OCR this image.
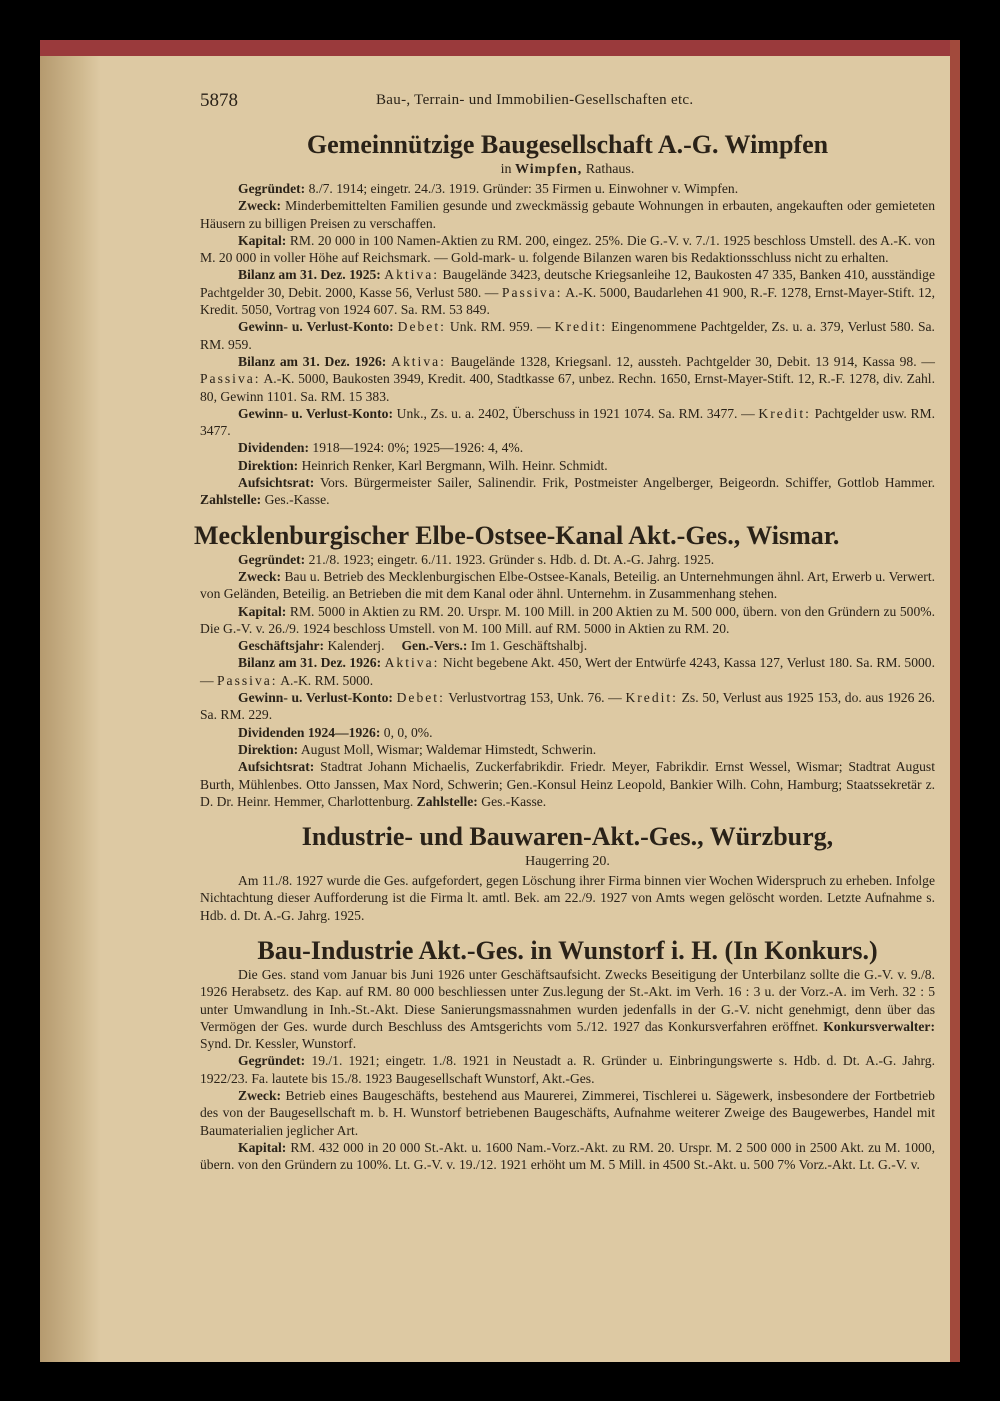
5878	Bau-, Terrain- und Immobilien-Gesellschaften etc.
Gemeinnützige Baugesellschaft A.-G. Wimpfen
in Wimpfen, Rathaus.

Gegründet: 8./7. 1914; eingetr. 24./3. 1919. Gründer: 35 Firmen u. Einwohner v. Wimpfen.

Zweck: Minderbemittelten Familien gesunde und zweckmässig gebaute Wohnungen in erbauten, angekauften oder gemieteten Häusern zu billigen Preisen zu verschaffen.

Kapital: RM. 20 000 in 100 Namen-Aktien zu RM. 200, eingez. 25%. Die G.-V. v. 7./1. 1925 beschloss Umstell. des A.-K. von M. 20 000 in voller Höhe auf Reichsmark. — Gold-mark- u. folgende Bilanzen waren bis Redaktionsschluss nicht zu erhalten.

Bilanz am 31. Dez. 1925: Aktiva: Baugelände 3423, deutsche Kriegsanleihe 12, Baukosten 47 335, Banken 410, ausständige Pachtgelder 30, Debit. 2000, Kasse 56, Verlust 580. — Passiva: A.-K. 5000, Baudarlehen 41 900, R.-F. 1278, Ernst-Mayer-Stift. 12, Kredit. 5050, Vortrag von 1924 607. Sa. RM. 53 849.

Gewinn- u. Verlust-Konto: Debet: Unk. RM. 959. — Kredit: Eingenommene Pachtgelder, Zs. u. a. 379, Verlust 580. Sa. RM. 959.

Bilanz am 31. Dez. 1926: Aktiva: Baugelände 1328, Kriegsanl. 12, aussteh. Pachtgelder 30, Debit. 13 914, Kassa 98. — Passiva: A.-K. 5000, Baukosten 3949, Kredit. 400, Stadtkasse 67, unbez. Rechn. 1650, Ernst-Mayer-Stift. 12, R.-F. 1278, div. Zahl. 80, Gewinn 1101. Sa. RM. 15 383.

Gewinn- u. Verlust-Konto: Unk., Zs. u. a. 2402, Überschuss in 1921 1074. Sa. RM. 3477. — Kredit: Pachtgelder usw. RM. 3477.

Dividenden: 1918—1924: 0%; 1925—1926: 4, 4%.

Direktion: Heinrich Renker, Karl Bergmann, Wilh. Heinr. Schmidt.

Aufsichtsrat: Vors. Bürgermeister Sailer, Salinendir. Frik, Postmeister Angelberger, Beigeordn. Schiffer, Gottlob Hammer. Zahlstelle: Ges.-Kasse.

Mecklenburgischer Elbe-Ostsee-Kanal Akt.-Ges., Wismar.

Gegründet: 21./8. 1923; eingetr. 6./11. 1923. Gründer s. Hdb. d. Dt. A.-G. Jahrg. 1925.

Zweck: Bau u. Betrieb des Mecklenburgischen Elbe-Ostsee-Kanals, Beteilig. an Unternehmungen ähnl. Art, Erwerb u. Verwert. von Geländen, Beteilig. an Betrieben die mit dem Kanal oder ähnl. Unternehm. in Zusammenhang stehen.

Kapital: RM. 5000 in Aktien zu RM. 20. Urspr. M. 100 Mill. in 200 Aktien zu M. 500 000, übern. von den Gründern zu 500%. Die G.-V. v. 26./9. 1924 beschloss Umstell. von M. 100 Mill. auf RM. 5000 in Aktien zu RM. 20.

Geschäftsjahr: Kalenderj. Gen.-Vers.: Im 1. Geschäftshalbj.

Bilanz am 31. Dez. 1926: Aktiva: Nicht begebene Akt. 450, Wert der Entwürfe 4243, Kassa 127, Verlust 180. Sa. RM. 5000. — Passiva: A.-K. RM. 5000.

Gewinn- u. Verlust-Konto: Debet: Verlustvortrag 153, Unk. 76. — Kredit: Zs. 50, Verlust aus 1925 153, do. aus 1926 26. Sa. RM. 229.

Dividenden 1924—1926: 0, 0, 0%.

Direktion: August Moll, Wismar; Waldemar Himstedt, Schwerin.

Aufsichtsrat: Stadtrat Johann Michaelis, Zuckerfabrikdir. Friedr. Meyer, Fabrikdir. Ernst Wessel, Wismar; Stadtrat August Burth, Mühlenbes. Otto Janssen, Max Nord, Schwerin; Gen.-Konsul Heinz Leopold, Bankier Wilh. Cohn, Hamburg; Staatssekretär z. D. Dr. Heinr. Hemmer, Charlottenburg. Zahlstelle: Ges.-Kasse.

Industrie- und Bauwaren-Akt.-Ges., Würzburg,
Haugerring 20.

Am 11./8. 1927 wurde die Ges. aufgefordert, gegen Löschung ihrer Firma binnen vier Wochen Widerspruch zu erheben. Infolge Nichtachtung dieser Aufforderung ist die Firma lt. amtl. Bek. am 22./9. 1927 von Amts wegen gelöscht worden. Letzte Aufnahme s. Hdb. d. Dt. A.-G. Jahrg. 1925.

Bau-Industrie Akt.-Ges. in Wunstorf i. H. (In Konkurs.)

Die Ges. stand vom Januar bis Juni 1926 unter Geschäftsaufsicht. Zwecks Beseitigung der Unterbilanz sollte die G.-V. v. 9./8. 1926 Herabsetz. des Kap. auf RM. 80 000 beschliessen unter Zus.legung der St.-Akt. im Verh. 16 : 3 u. der Vorz.-A. im Verh. 32 : 5 unter Umwandlung in Inh.-St.-Akt. Diese Sanierungsmassnahmen wurden jedenfalls in der G.-V. nicht genehmigt, denn über das Vermögen der Ges. wurde durch Beschluss des Amtsgerichts vom 5./12. 1927 das Konkursverfahren eröffnet. Konkursverwalter: Synd. Dr. Kessler, Wunstorf.

Gegründet: 19./1. 1921; eingetr. 1./8. 1921 in Neustadt a. R. Gründer u. Einbringungswerte s. Hdb. d. Dt. A.-G. Jahrg. 1922/23. Fa. lautete bis 15./8. 1923 Baugesellschaft Wunstorf, Akt.-Ges.

Zweck: Betrieb eines Baugeschäfts, bestehend aus Maurerei, Zimmerei, Tischlerei u. Sägewerk, insbesondere der Fortbetrieb des von der Baugesellschaft m. b. H. Wunstorf betriebenen Baugeschäfts, Aufnahme weiterer Zweige des Baugewerbes, Handel mit Baumaterialien jeglicher Art.

Kapital: RM. 432 000 in 20 000 St.-Akt. u. 1600 Nam.-Vorz.-Akt. zu RM. 20. Urspr. M. 2 500 000 in 2500 Akt. zu M. 1000, übern. von den Gründern zu 100%. Lt. G.-V. v. 19./12. 1921 erhöht um M. 5 Mill. in 4500 St.-Akt. u. 500 7% Vorz.-Akt. Lt. G.-V. v.
